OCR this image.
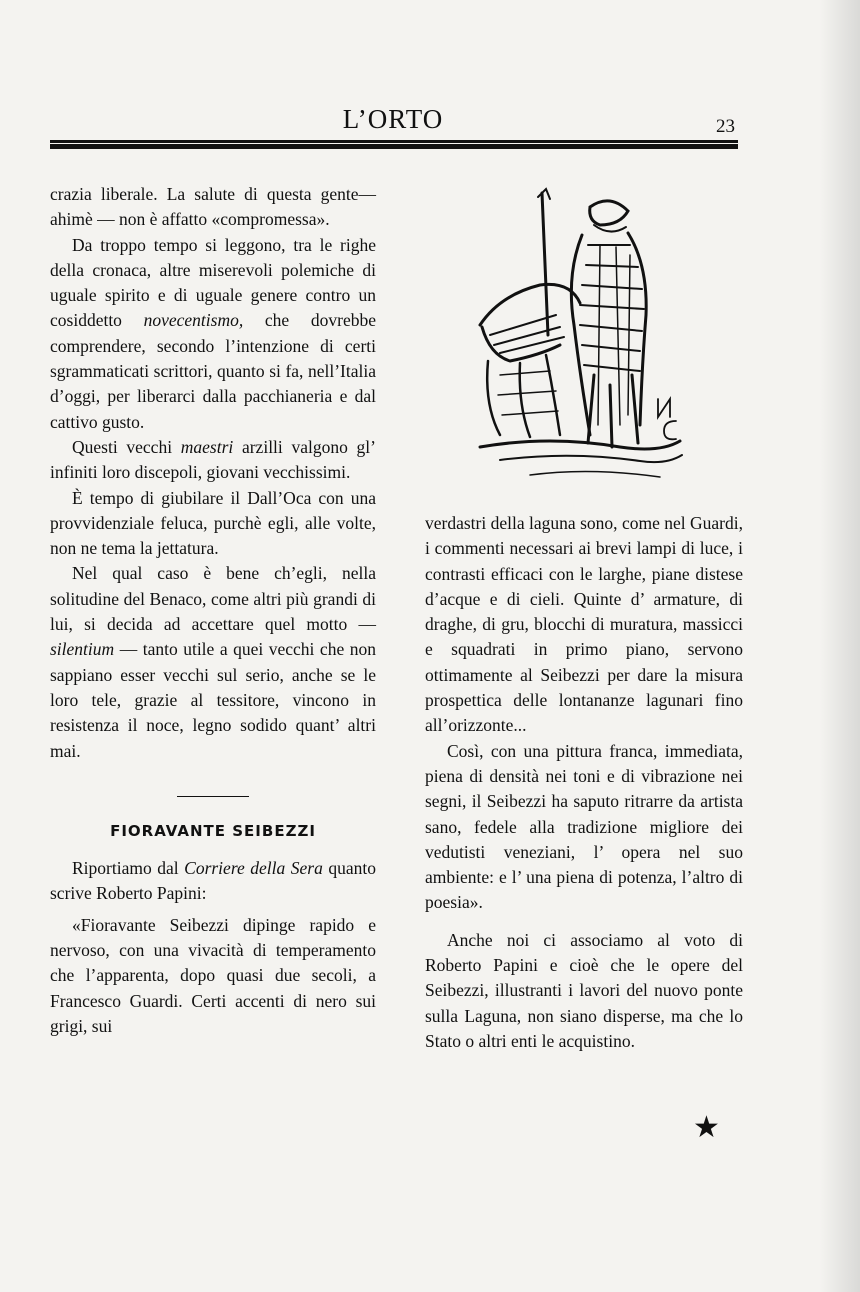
L’ORTO	23

crazia liberale. La salute di questa gente—ahimè — non è affatto «compromessa».

Da troppo tempo si leggono, tra le righe della cronaca, altre miserevoli polemiche di uguale spirito e di uguale genere contro un cosiddetto novecentismo, che dovrebbe comprendere, secondo l’intenzione di certi sgrammaticati scrittori, quanto si fa, nell’Italia d’oggi, per liberarci dalla pacchianeria e dal cattivo gusto.

Questi vecchi maestri arzilli valgono gl’ infiniti loro discepoli, giovani vecchissimi.

È tempo di giubilare il Dall’Oca con una provvidenziale feluca, purchè egli, alle volte, non ne tema la jettatura.

Nel qual caso è bene ch’egli, nella solitudine del Benaco, come altri più grandi di lui, si decida ad accettare quel motto — silentium — tanto utile a quei vecchi che non sappiano esser vecchi sul serio, anche se le loro tele, grazie al tessitore, vincono in resistenza il noce, legno sodido quant’ altri mai.

FIORAVANTE SEIBEZZI

Riportiamo dal Corriere della Sera quanto scrive Roberto Papini:

«Fioravante Seibezzi dipinge rapido e nervoso, con una vivacità di temperamento che l’apparenta, dopo quasi due secoli, a Francesco Guardi. Certi accenti di nero sui grigi, sui

verdastri della laguna sono, come nel Guardi, i commenti necessari ai brevi lampi di luce, i contrasti efficaci con le larghe, piane distese d’acque e di cieli. Quinte d’ armature, di draghe, di gru, blocchi di muratura, massicci e squadrati in primo piano, servono ottimamente al Seibezzi per dare la misura prospettica delle lontananze lagunari fino all’orizzonte...

Così, con una pittura franca, immediata, piena di densità nei toni e di vibrazione nei segni, il Seibezzi ha saputo ritrarre da artista sano, fedele alla tradizione migliore dei vedutisti veneziani, l’ opera nel suo ambiente: e l’ una piena di potenza, l’altro di poesia».

Anche noi ci associamo al voto di Roberto Papini e cioè che le opere del Seibezzi, illustranti i lavori del nuovo ponte sulla Laguna, non siano disperse, ma che lo Stato o altri enti le acquistino.

★
